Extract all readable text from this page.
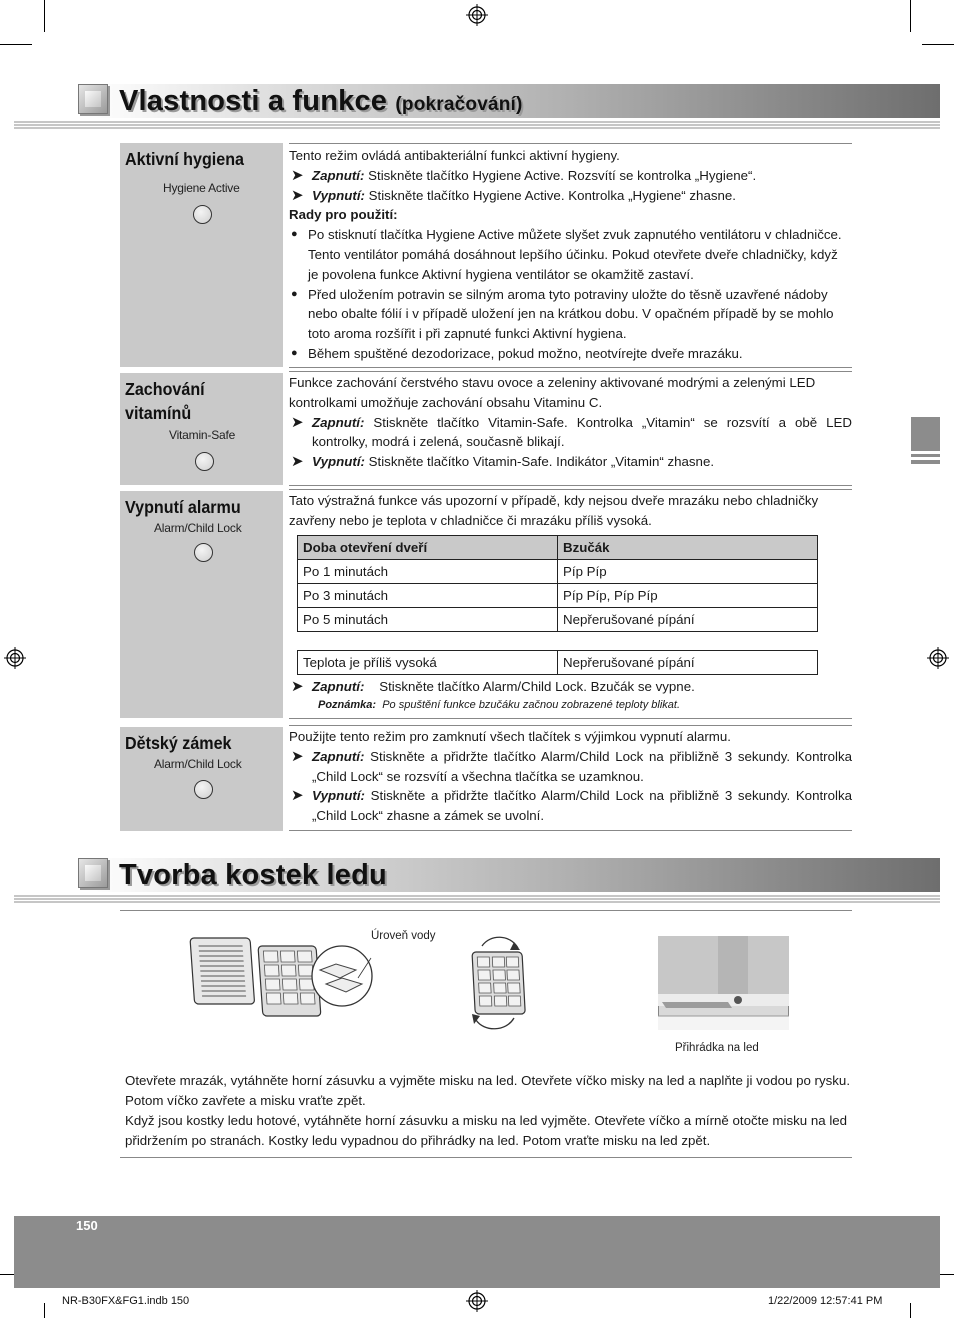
Vlastnosti a funkce (pokračování)
Aktivní hygiena
Hygiene Active
Tento režim ovládá antibakteriální funkci aktivní hygieny.
➤ Zapnutí: Stiskněte tlačítko Hygiene Active. Rozsvítí se kontrolka „Hygiene“.
➤ Vypnutí: Stiskněte tlačítko Hygiene Active. Kontrolka „Hygiene“ zhasne.
Rady pro použití:
● Po stisknutí tlačítka Hygiene Active můžete slyšet zvuk zapnutého ventilátoru v chladničce.
Tento ventilátor pomáhá dosáhnout lepšího účinku. Pokud otevřete dveře chladničky, když
je povolena funkce Aktivní hygiena ventilátor se okamžitě zastaví.
● Před uložením potravin se silným aroma tyto potraviny uložte do těsně uzavřené nádoby
nebo obalte fólií i v případě uložení jen na krátkou dobu. V opačném případě by se mohlo
toto aroma rozšířit i při zapnuté funkci Aktivní hygiena.
● Během spuštěné dezodorizace, pokud možno, neotvírejte dveře mrazáku.
Zachování
vitamínů
Vitamin-Safe
Funkce zachování čerstvého stavu ovoce a zeleniny aktivované modrými a zelenými LED
kontrolkami umožňuje zachování obsahu Vitaminu C.
➤ Zapnutí: Stiskněte tlačítko Vitamin-Safe. Kontrolka „Vitamin“ se rozsvítí a obě LED
kontrolky, modrá i zelená, současně blikají.
➤ Vypnutí: Stiskněte tlačítko Vitamin-Safe. Indikátor „Vitamin“ zhasne.
Vypnutí alarmu
Alarm/Child Lock
Tato výstražná funkce vás upozorní v případě, kdy nejsou dveře mrazáku nebo chladničky
zavřeny nebo je teplota v chladničce či mrazáku příliš vysoká.
Doba otevření dveří	Bzučák
Po 1 minutách	Píp Píp
Po 3 minutách	Píp Píp, Píp Píp
Po 5 minutách	Nepřerušované pípání
Teplota je příliš vysoká	Nepřerušované pípání
➤ Zapnutí: Stiskněte tlačítko Alarm/Child Lock. Bzučák se vypne.
Poznámka: Po spuštění funkce bzučáku začnou zobrazené teploty blikat.
Dětský zámek
Alarm/Child Lock
Použijte tento režim pro zamknutí všech tlačítek s výjimkou vypnutí alarmu.
➤ Zapnutí: Stiskněte a přidržte tlačítko Alarm/Child Lock na přibližně 3 sekundy. Kontrolka
„Child Lock“ se rozsvítí a všechna tlačítka se uzamknou.
➤ Vypnutí: Stiskněte a přidržte tlačítko Alarm/Child Lock na přibližně 3 sekundy. Kontrolka
„Child Lock“ zhasne a zámek se uvolní.
Tvorba kostek ledu
Úroveň vody
Přihrádka na led
Otevřete mrazák, vytáhněte horní zásuvku a vyjměte misku na led. Otevřete víčko misky na led a naplňte ji vodou po rysku.
Potom víčko zavřete a misku vraťte zpět.
Když jsou kostky ledu hotové, vytáhněte horní zásuvku a misku na led vyjměte. Otevřete víčko a mírně otočte misku na led
přidržením po stranách. Kostky ledu vypadnou do přihrádky na led. Potom vraťte misku na led zpět.
150
NR-B30FX&FG1.indb 150	1/22/2009 12:57:41 PM
